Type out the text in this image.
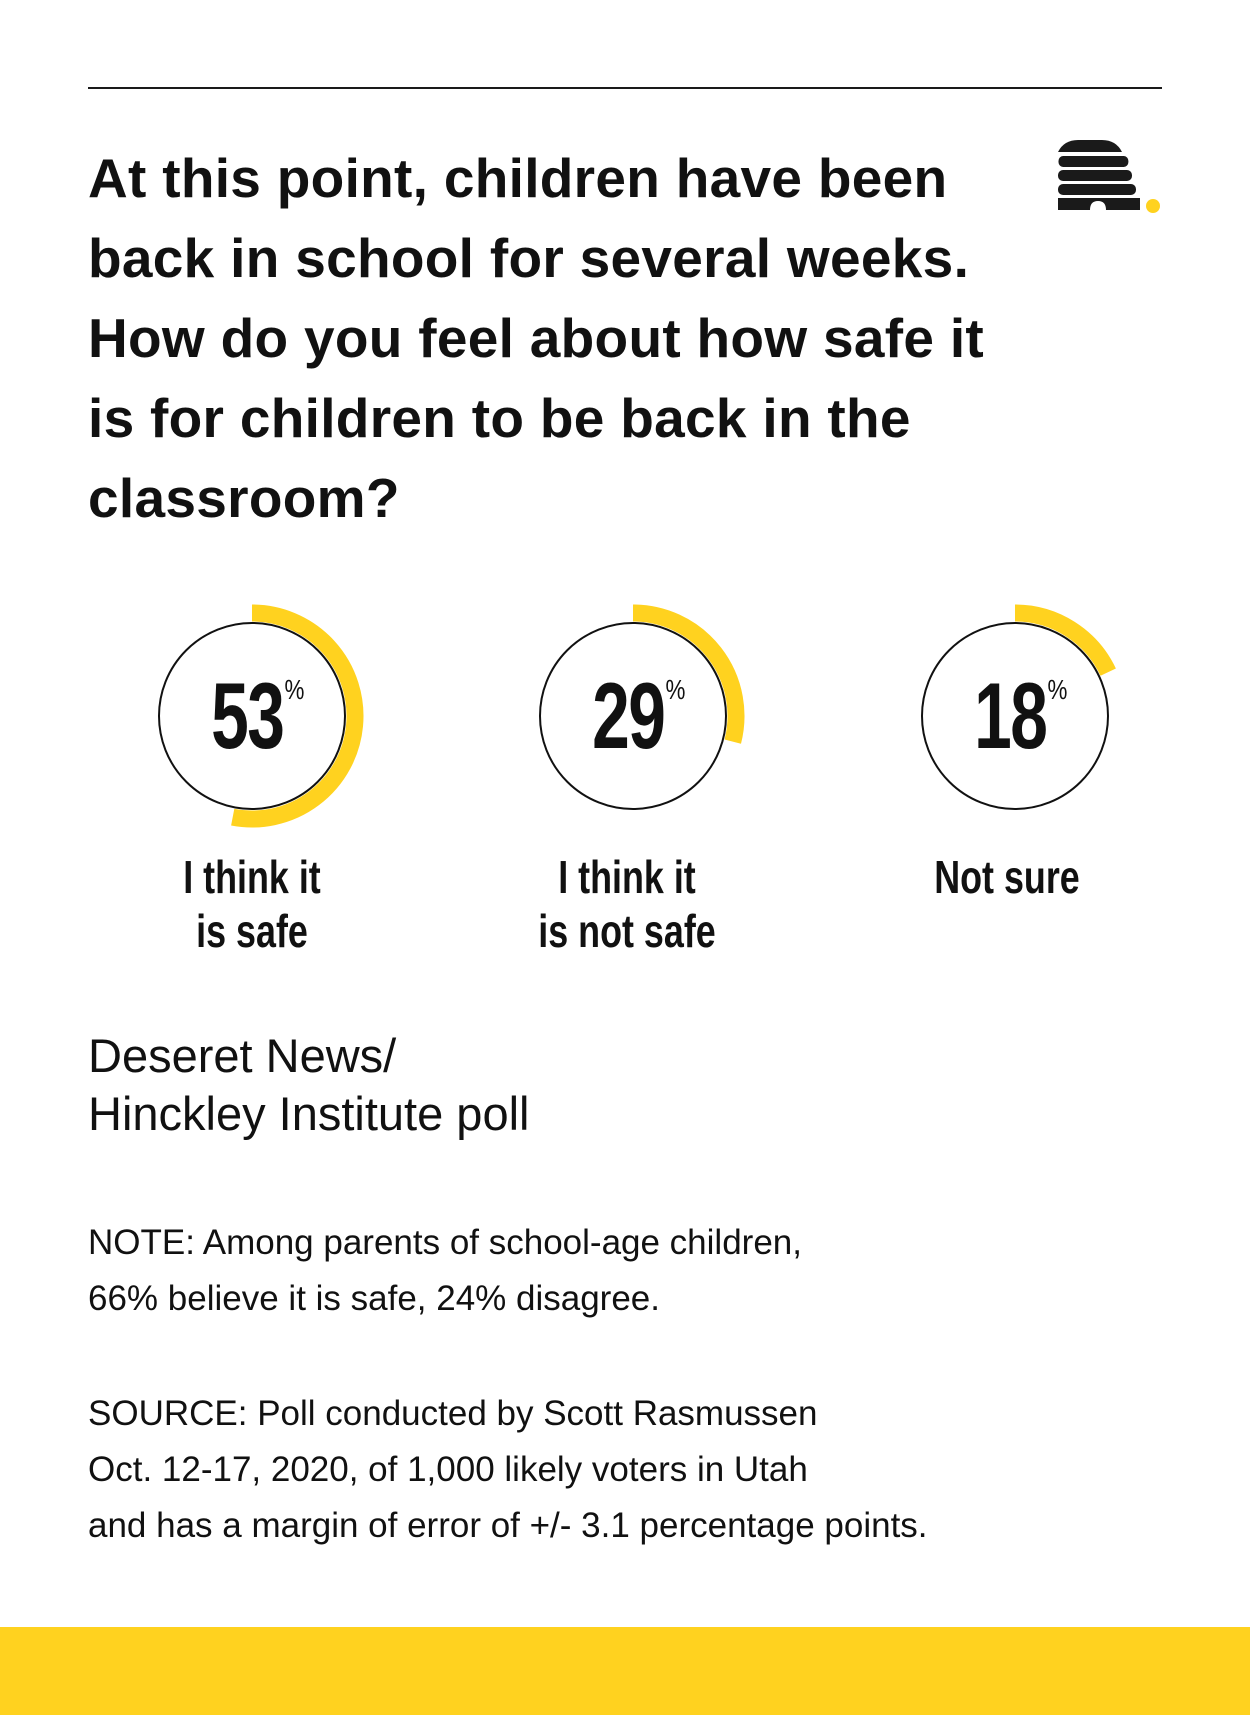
At this point, children have been back in school for several weeks. How do you feel about how safe it is for children to be back in the classroom?
53 %	29 %	18 %
I think it
is safe
I think it
is not safe
Not sure
Deseret News/
Hinckley Institute poll
NOTE: Among parents of school-age children,
66% believe it is safe, 24% disagree.
SOURCE: Poll conducted by Scott Rasmussen
Oct. 12-17, 2020, of 1,000 likely voters in Utah
and has a margin of error of +/- 3.1 percentage points.
